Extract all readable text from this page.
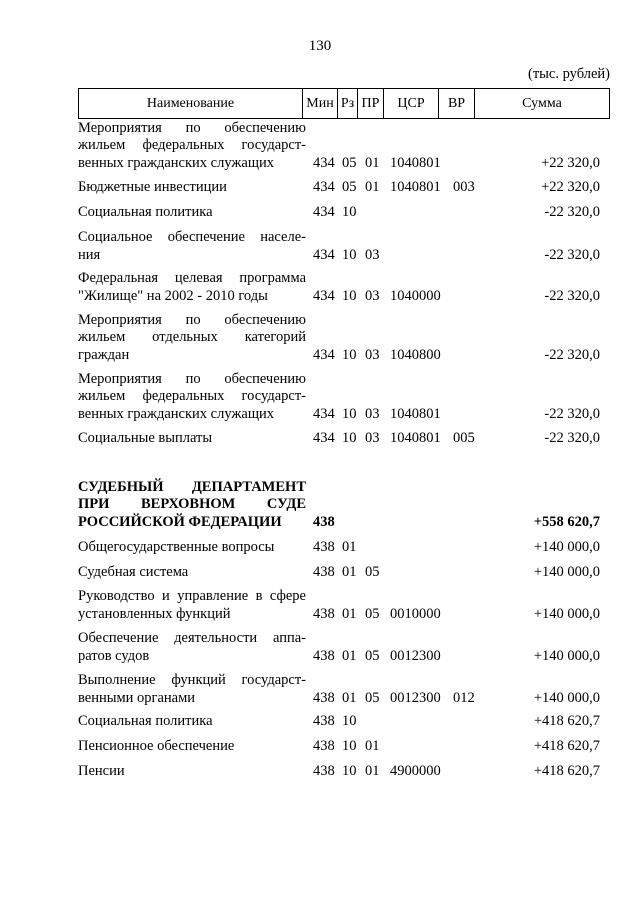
130
(тыс. рублей)
Наименование	Мин Рз ПР	ЦСР	ВР	Сумма
Мероприятия по обеспечению
жильем федеральных государст-
венных гражданских служащих	434 05 01 1040801	+22 320,0
Бюджетные инвестиции	434 05 01 1040801 003	+22 320,0
Социальная политика	434 10	-22 320,0
Социальное обеспечение населе-
ния	434 10 03	-22 320,0
Федеральная целевая программа
"Жилище" на 2002 - 2010 годы	434 10 03 1040000	-22 320,0
Мероприятия по обеспечению
жильем отдельных категорий
граждан	434 10 03 1040800	-22 320,0
Мероприятия по обеспечению
жильем федеральных государст-
венных гражданских служащих	434 10 03 1040801	-22 320,0
Социальные выплаты	434 10 03 1040801 005	-22 320,0
СУДЕБНЫЙ ДЕПАРТАМЕНТ
ПРИ ВЕРХОВНОМ СУДЕ
РОССИЙСКОЙ ФЕДЕРАЦИИ	438	+558 620,7
Общегосударственные вопросы	438 01	+140 000,0
Судебная система	438 01 05	+140 000,0
Руководство и управление в сфере
установленных функций	438 01 05 0010000	+140 000,0
Обеспечение деятельности аппа-
ратов судов	438 01 05 0012300	+140 000,0
Выполнение функций государст-
венными органами	438 01 05 0012300 012	+140 000,0
Социальная политика	438 10	+418 620,7
Пенсионное обеспечение	438 10 01	+418 620,7
Пенсии	438 10 01 4900000	+418 620,7
